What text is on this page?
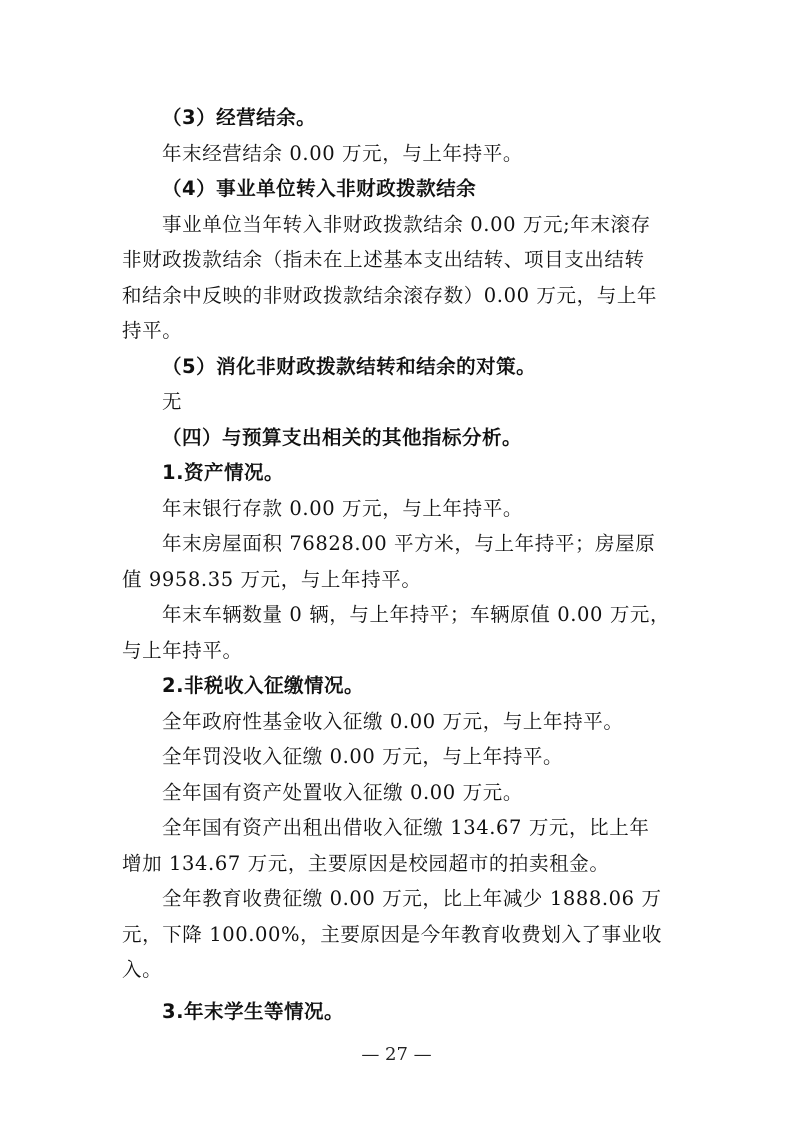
（3）经营结余。

年末经营结余 0.00 万元，与上年持平。

（4）事业单位转入非财政拨款结余

事业单位当年转入非财政拨款结余 0.00 万元;年末滚存

非财政拨款结余（指未在上述基本支出结转、项目支出结转

和结余中反映的非财政拨款结余滚存数）0.00 万元，与上年

持平。

（5）消化非财政拨款结转和结余的对策。

无

（四）与预算支出相关的其他指标分析。

1.资产情况。

年末银行存款 0.00 万元，与上年持平。

年末房屋面积 76828.00 平方米，与上年持平；房屋原

值 9958.35 万元，与上年持平。

年末车辆数量 0 辆，与上年持平；车辆原值 0.00 万元，

与上年持平。

2.非税收入征缴情况。

全年政府性基金收入征缴 0.00 万元，与上年持平。

全年罚没收入征缴 0.00 万元，与上年持平。

全年国有资产处置收入征缴 0.00 万元。

全年国有资产出租出借收入征缴 134.67 万元，比上年

增加 134.67 万元，主要原因是校园超市的拍卖租金。

全年教育收费征缴 0.00 万元，比上年减少 1888.06 万

元，下降 100.00%，主要原因是今年教育收费划入了事业收

入。

3.年末学生等情况。

— 27 —
